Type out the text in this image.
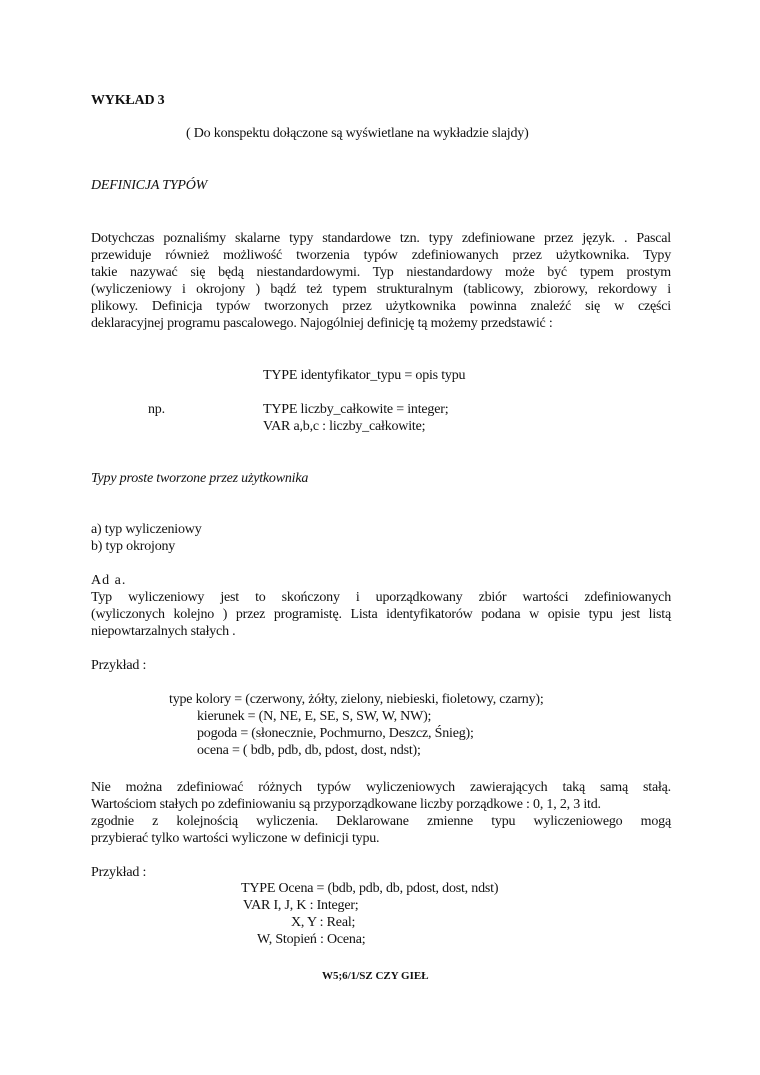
WYKŁAD 3
( Do konspektu dołączone są wyświetlane na wykładzie slajdy)
DEFINICJA TYPÓW
Dotychczas poznaliśmy skalarne typy standardowe tzn. typy zdefiniowane przez język. . Pascal
przewiduje również możliwość tworzenia typów zdefiniowanych przez użytkownika. Typy
takie nazywać się będą niestandardowymi. Typ niestandardowy może być typem prostym
(wyliczeniowy i okrojony ) bądź też typem strukturalnym (tablicowy, zbiorowy, rekordowy i
plikowy. Definicja typów tworzonych przez użytkownika powinna znaleźć się w części
deklaracyjnej programu pascalowego. Najogólniej definicję tą możemy przedstawić :
TYPE identyfikator_typu = opis typu
np.	TYPE liczby_całkowite = integer;
VAR a,b,c : liczby_całkowite;
Typy proste tworzone przez użytkownika
a) typ wyliczeniowy
b) typ okrojony
Ad a.
Typ wyliczeniowy jest to skończony i uporządkowany zbiór wartości zdefiniowanych
(wyliczonych kolejno ) przez programistę. Lista identyfikatorów podana w opisie typu jest listą
niepowtarzalnych stałych .
Przykład :
type kolory = (czerwony, żółty, zielony, niebieski, fioletowy, czarny);
kierunek = (N, NE, E, SE, S, SW, W, NW);
pogoda = (słonecznie, Pochmurno, Deszcz, Śnieg);
ocena = ( bdb, pdb, db, pdost, dost, ndst);
Nie można zdefiniować różnych typów wyliczeniowych zawierających taką samą stałą.
Wartościom stałych po zdefiniowaniu są przyporządkowane liczby porządkowe : 0, 1, 2, 3 itd.
zgodnie z kolejnością wyliczenia. Deklarowane zmienne typu wyliczeniowego mogą
przybierać tylko wartości wyliczone w definicji typu.
Przykład :
TYPE Ocena = (bdb, pdb, db, pdost, dost, ndst)
VAR I, J, K : Integer;
X, Y : Real;
W, Stopień : Ocena;
W5;6/1/SZ CZY GIEŁ
